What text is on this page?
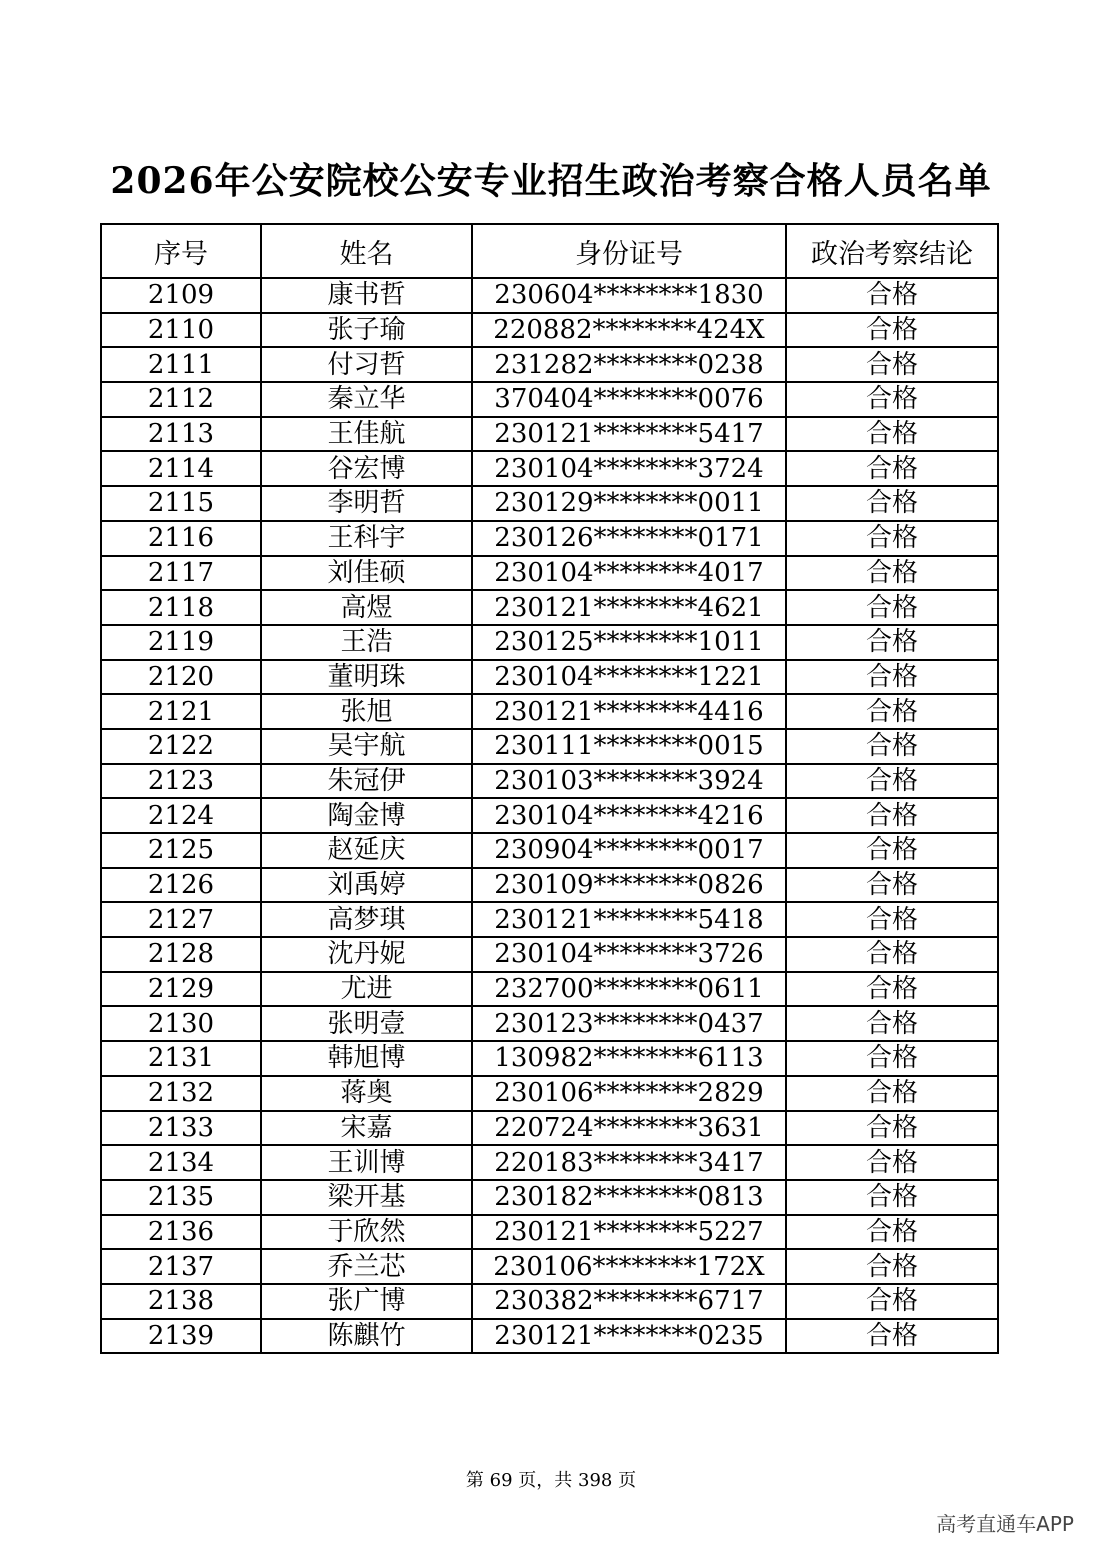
2026年公安院校公安专业招生政治考察合格人员名单
序号	姓名	身份证号	政治考察结论
2109	康书哲	230604********1830	合格
2110	张子瑜	220882********424X	合格
2111	付习哲	231282********0238	合格
2112	秦立华	370404********0076	合格
2113	王佳航	230121********5417	合格
2114	谷宏博	230104********3724	合格
2115	李明哲	230129********0011	合格
2116	王科宇	230126********0171	合格
2117	刘佳硕	230104********4017	合格
2118	高煜	230121********4621	合格
2119	王浩	230125********1011	合格
2120	董明珠	230104********1221	合格
2121	张旭	230121********4416	合格
2122	吴宇航	230111********0015	合格
2123	朱冠伊	230103********3924	合格
2124	陶金博	230104********4216	合格
2125	赵延庆	230904********0017	合格
2126	刘禹婷	230109********0826	合格
2127	高梦琪	230121********5418	合格
2128	沈丹妮	230104********3726	合格
2129	尤进	232700********0611	合格
2130	张明壹	230123********0437	合格
2131	韩旭博	130982********6113	合格
2132	蒋奥	230106********2829	合格
2133	宋嘉	220724********3631	合格
2134	王训博	220183********3417	合格
2135	梁开基	230182********0813	合格
2136	于欣然	230121********5227	合格
2137	乔兰芯	230106********172X	合格
2138	张广博	230382********6717	合格
2139	陈麒竹	230121********0235	合格
第 69 页，共 398 页
高考直通车APP
